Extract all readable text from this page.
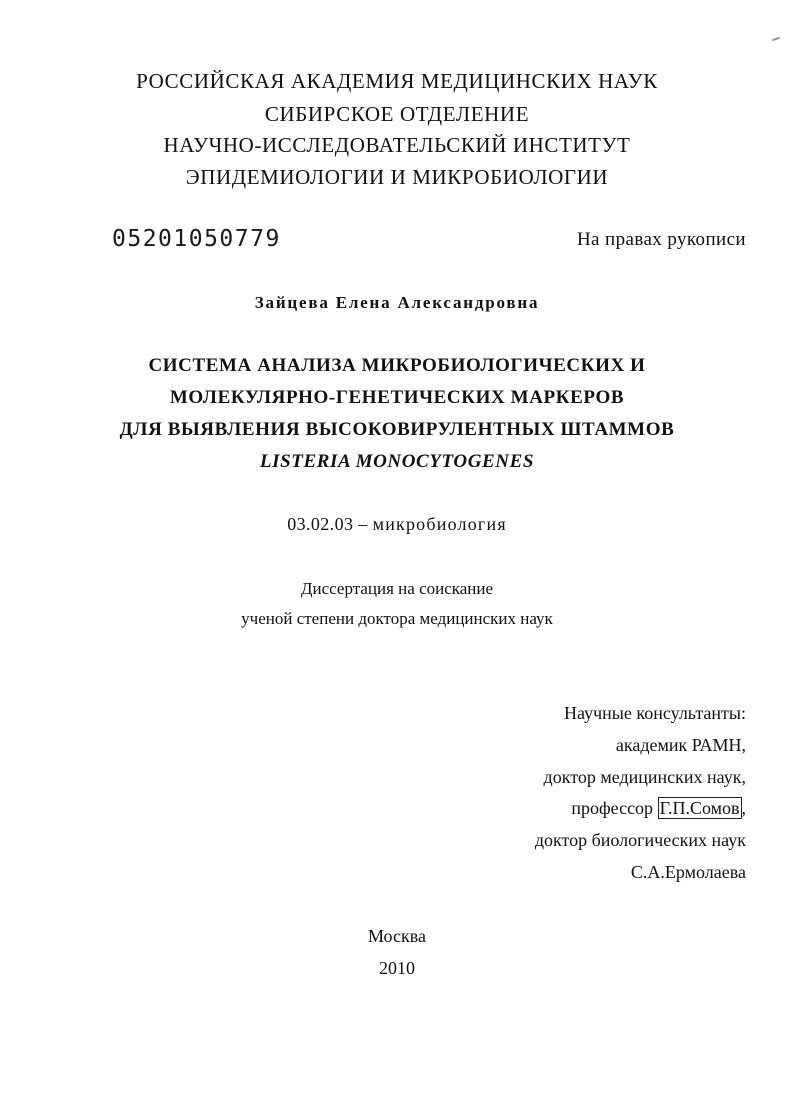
РОССИЙСКАЯ АКАДЕМИЯ МЕДИЦИНСКИХ НАУК
СИБИРСКОЕ ОТДЕЛЕНИЕ
НАУЧНО-ИССЛЕДОВАТЕЛЬСКИЙ ИНСТИТУТ
ЭПИДЕМИОЛОГИИ И МИКРОБИОЛОГИИ
05201050779	На правах рукописи
Зайцева Елена Александровна
СИСТЕМА АНАЛИЗА МИКРОБИОЛОГИЧЕСКИХ И
МОЛЕКУЛЯРНО-ГЕНЕТИЧЕСКИХ МАРКЕРОВ
ДЛЯ ВЫЯВЛЕНИЯ ВЫСОКОВИРУЛЕНТНЫХ ШТАММОВ
LISTERIA MONOCYTOGENES
03.02.03 – микробиология
Диссертация на соискание
ученой степени доктора медицинских наук
Научные консультанты:
академик РАМН,
доктор медицинских наук,
профессор Г.П.Сомов ,
доктор биологических наук
С.А.Ермолаева
Москва
2010
